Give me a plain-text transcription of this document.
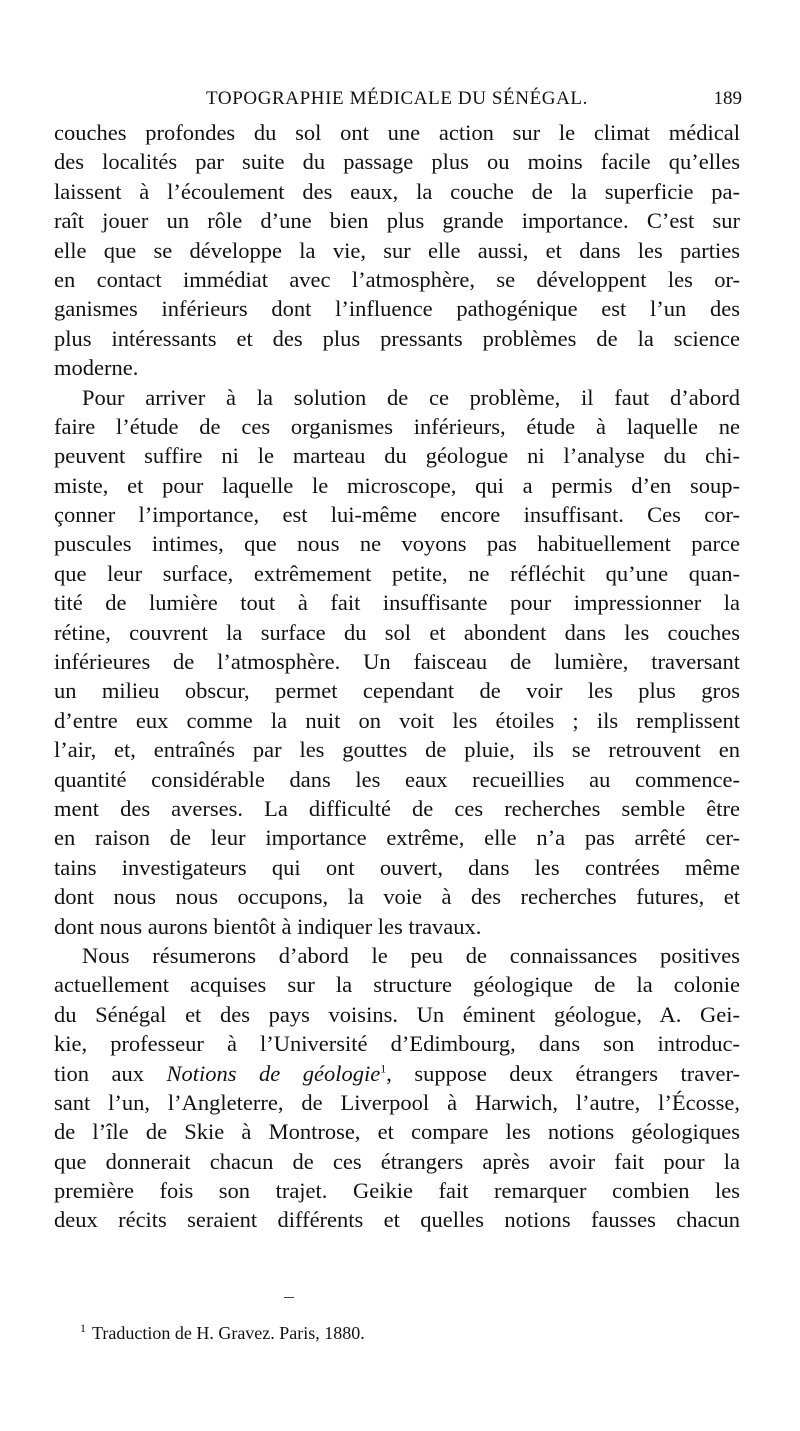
TOPOGRAPHIE MÉDICALE DU SÉNÉGAL.	189
couches profondes du sol ont une action sur le climat médical
des localités par suite du passage plus ou moins facile qu’elles
laissent à l’écoulement des eaux, la couche de la superficie pa-
raît jouer un rôle d’une bien plus grande importance. C’est sur
elle que se développe la vie, sur elle aussi, et dans les parties
en contact immédiat avec l’atmosphère, se développent les or-
ganismes inférieurs dont l’influence pathogénique est l’un des
plus intéressants et des plus pressants problèmes de la science
moderne.
Pour arriver à la solution de ce problème, il faut d’abord
faire l’étude de ces organismes inférieurs, étude à laquelle ne
peuvent suffire ni le marteau du géologue ni l’analyse du chi-
miste, et pour laquelle le microscope, qui a permis d’en soup-
çonner l’importance, est lui-même encore insuffisant. Ces cor-
puscules intimes, que nous ne voyons pas habituellement parce
que leur surface, extrêmement petite, ne réfléchit qu’une quan-
tité de lumière tout à fait insuffisante pour impressionner la
rétine, couvrent la surface du sol et abondent dans les couches
inférieures de l’atmosphère. Un faisceau de lumière, traversant
un milieu obscur, permet cependant de voir les plus gros
d’entre eux comme la nuit on voit les étoiles ; ils remplissent
l’air, et, entraînés par les gouttes de pluie, ils se retrouvent en
quantité considérable dans les eaux recueillies au commence-
ment des averses. La difficulté de ces recherches semble être
en raison de leur importance extrême, elle n’a pas arrêté cer-
tains investigateurs qui ont ouvert, dans les contrées même
dont nous nous occupons, la voie à des recherches futures, et
dont nous aurons bientôt à indiquer les travaux.
Nous résumerons d’abord le peu de connaissances positives
actuellement acquises sur la structure géologique de la colonie
du Sénégal et des pays voisins. Un éminent géologue, A. Gei-
kie, professeur à l’Université d’Edimbourg, dans son introduc-
tion aux Notions de géologie$^1$, suppose deux étrangers traver-
sant l’un, l’Angleterre, de Liverpool à Harwich, l’autre, l’Écosse,
de l’île de Skie à Montrose, et compare les notions géologiques
que donnerait chacun de ces étrangers après avoir fait pour la
première fois son trajet. Geikie fait remarquer combien les
deux récits seraient différents et quelles notions fausses chacun
$^1$ Traduction de H. Gravez. Paris, 1880.
